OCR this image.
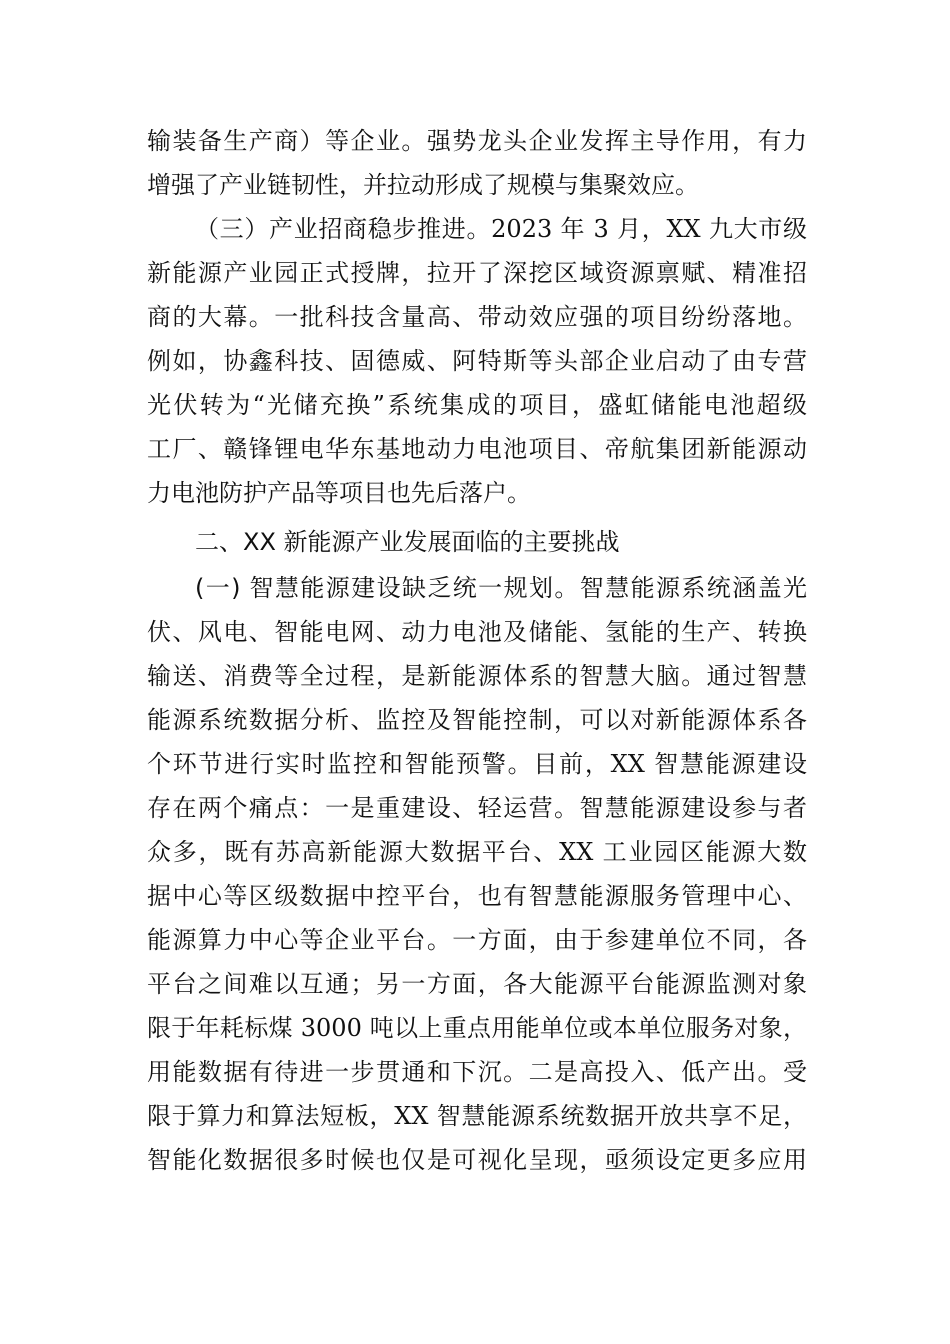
输装备生产商）等企业。强势龙头企业发挥主导作用，有力
增强了产业链韧性，并拉动形成了规模与集聚效应。
（三）产业招商稳步推进。2023 年 3 月，XX 九大市级
新能源产业园正式授牌，拉开了深挖区域资源禀赋、精准招
商的大幕。一批科技含量高、带动效应强的项目纷纷落地。
例如，协鑫科技、固德威、阿特斯等头部企业启动了由专营
光伏转为“光储充换”系统集成的项目，盛虹储能电池超级
工厂、赣锋锂电华东基地动力电池项目、帝航集团新能源动
力电池防护产品等项目也先后落户。
二、XX 新能源产业发展面临的主要挑战
(一) 智慧能源建设缺乏统一规划。智慧能源系统涵盖光
伏、风电、智能电网、动力电池及储能、氢能的生产、转换
输送、消费等全过程，是新能源体系的智慧大脑。通过智慧
能源系统数据分析、监控及智能控制，可以对新能源体系各
个环节进行实时监控和智能预警。目前，XX 智慧能源建设
存在两个痛点：一是重建设、轻运营。智慧能源建设参与者
众多，既有苏高新能源大数据平台、XX 工业园区能源大数
据中心等区级数据中控平台，也有智慧能源服务管理中心、
能源算力中心等企业平台。一方面，由于参建单位不同，各
平台之间难以互通；另一方面，各大能源平台能源监测对象
限于年耗标煤 3000 吨以上重点用能单位或本单位服务对象，
用能数据有待进一步贯通和下沉。二是高投入、低产出。受
限于算力和算法短板，XX 智慧能源系统数据开放共享不足，
智能化数据很多时候也仅是可视化呈现，亟须设定更多应用
